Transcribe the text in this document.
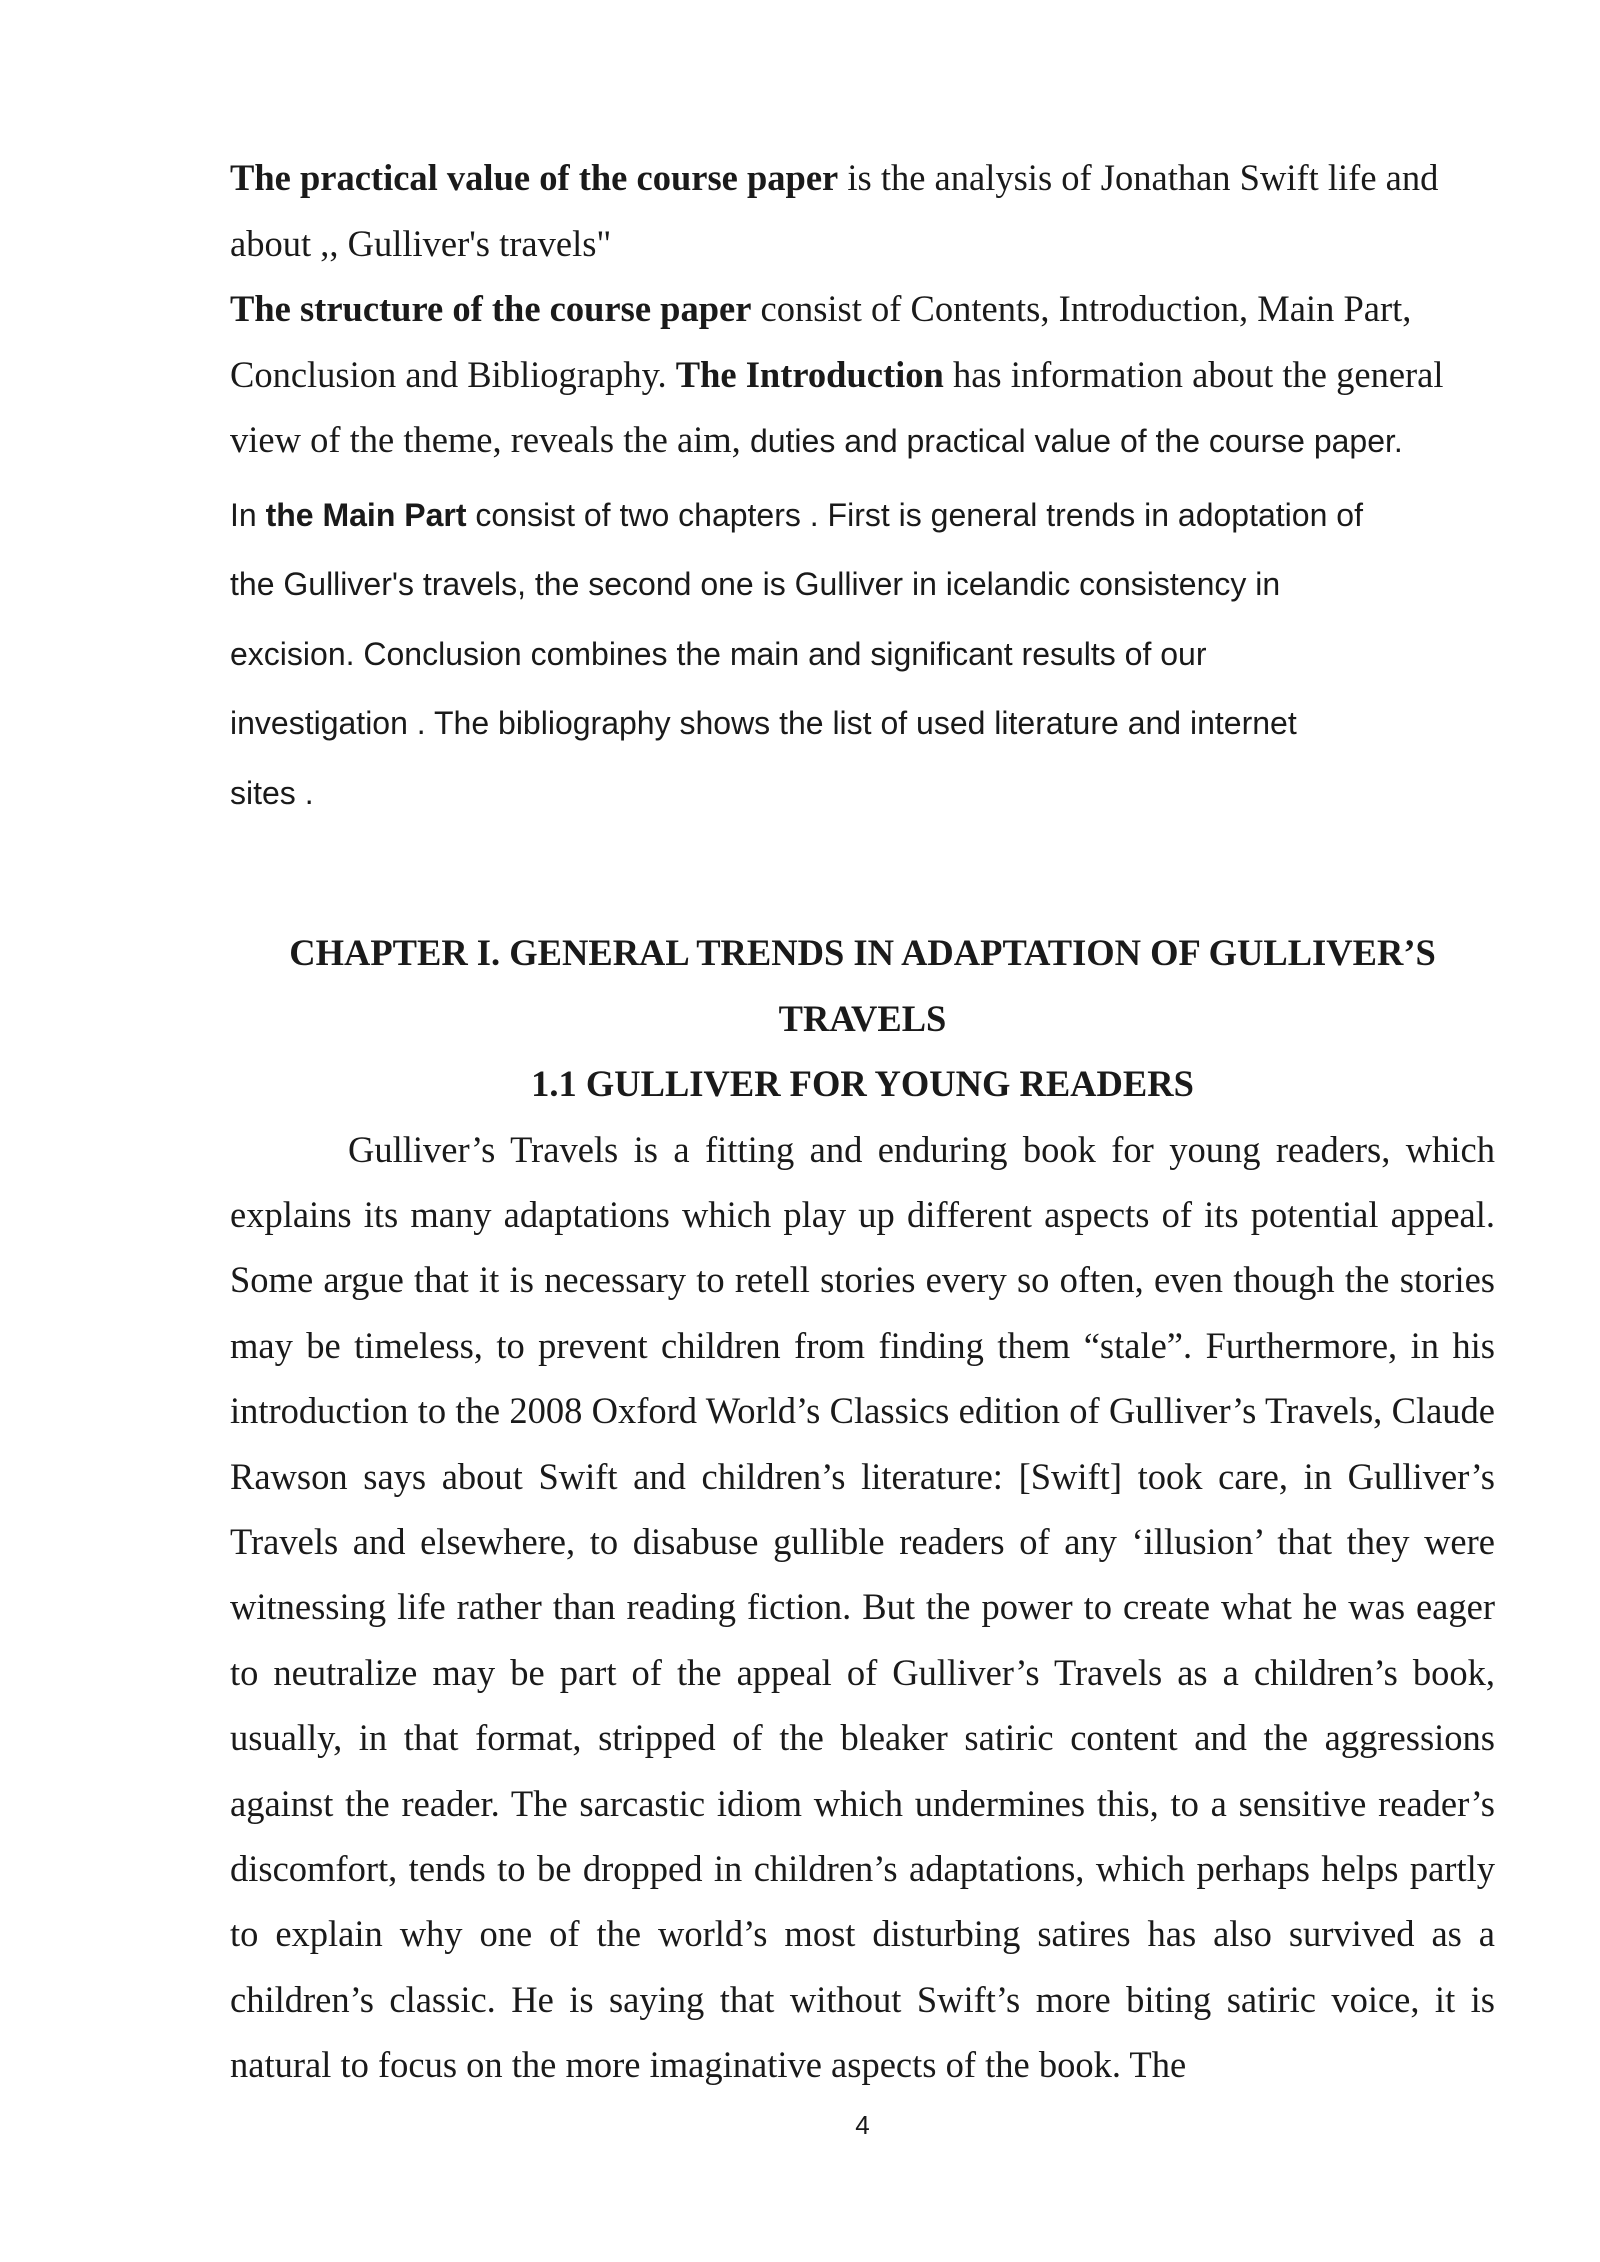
The practical value of the course paper is the analysis of Jonathan Swift life and

about ,, Gulliver's travels"

The structure of the course paper consist of Contents, Introduction, Main Part,

Conclusion and Bibliography. The Introduction has information about the general

view of the theme, reveals the aim, duties and practical value of the course paper.

In the Main Part consist of two chapters . First is general trends in adoptation of

the Gulliver's travels, the second one is Gulliver in icelandic consistency in

excision. Conclusion combines the main and significant results of our

investigation . The bibliography shows the list of used literature and internet

sites .

CHAPTER I. GENERAL TRENDS IN ADAPTATION OF GULLIVER’S
TRAVELS
1.1 GULLIVER FOR YOUNG READERS

Gulliver’s Travels is a fitting and enduring book for young readers, which explains its many adaptations which play up different aspects of its potential appeal. Some argue that it is necessary to retell stories every so often, even though the stories may be timeless, to prevent children from finding them “stale”. Furthermore, in his introduction to the 2008 Oxford World’s Classics edition of Gulliver’s Travels, Claude Rawson says about Swift and children’s literature: [Swift] took care, in Gulliver’s Travels and elsewhere, to disabuse gullible readers of any ‘illusion’ that they were witnessing life rather than reading fiction. But the power to create what he was eager to neutralize may be part of the appeal of Gulliver’s Travels as a children’s book, usually, in that format, stripped of the bleaker satiric content and the aggressions against the reader. The sarcastic idiom which undermines this, to a sensitive reader’s discomfort, tends to be dropped in children’s adaptations, which perhaps helps partly to explain why one of the world’s most disturbing satires has also survived as a children’s classic. He is saying that without Swift’s more biting satiric voice, it is natural to focus on the more imaginative aspects of the book. The

4
